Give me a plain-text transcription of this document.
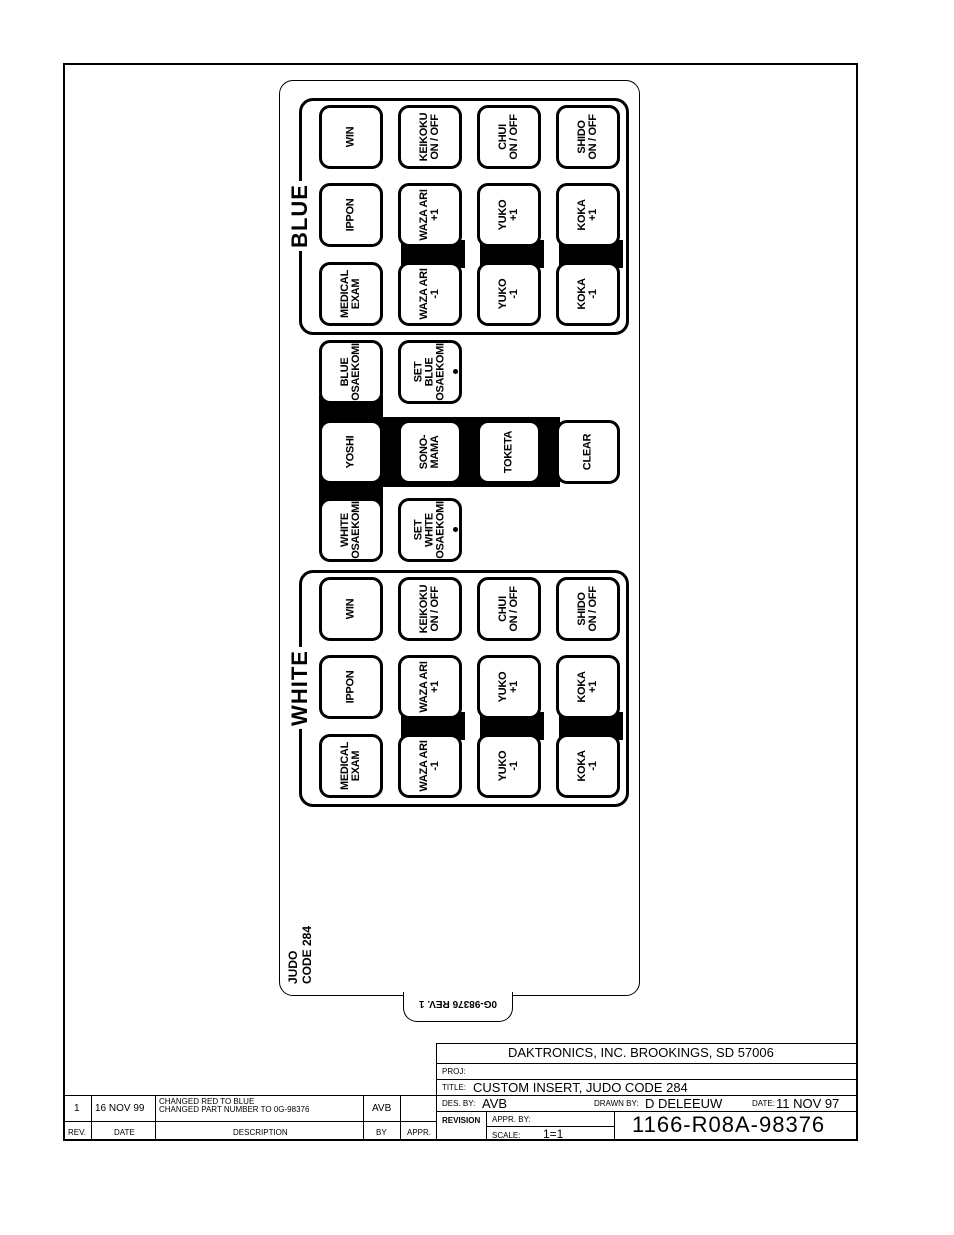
0G-98376 REV. 1
BLUE
WIN	KEIKOKU
ON / OFF	CHUI
ON / OFF	SHIDO
ON / OFF
IPPON	WAZA ARI
+1	YUKO
+1	KOKA
+1
MEDICAL
EXAM	WAZA ARI
-1	YUKO
-1	KOKA
-1
BLUE
OSAEKOMI	SET
BLUE
OSAEKOMI
YOSHI	SONO-
MAMA	TOKETA	CLEAR
WHITE
OSAEKOMI	SET
WHITE
OSAEKOMI
WHITE
WIN	KEIKOKU
ON / OFF	CHUI
ON / OFF	SHIDO
ON / OFF
IPPON	WAZA ARI
+1	YUKO
+1	KOKA
+1
MEDICAL
EXAM	WAZA ARI
-1	YUKO
-1	KOKA
-1
JUDO
CODE 284
DAKTRONICS, INC. BROOKINGS, SD 57006
PROJ:
TITLE: CUSTOM INSERT, JUDO CODE 284
DES. BY: AVB	DRAWN BY: D DELEEUW	DATE: 11 NOV 97
REVISION APPR. BY:
SCALE: 1=1	1166-R08A-98376
1 16 NOV 99
CHANGED RED TO BLUE
CHANGED PART NUMBER TO 0G-98376	AVB
REV.	DATE	DESCRIPTION	BY	APPR.
